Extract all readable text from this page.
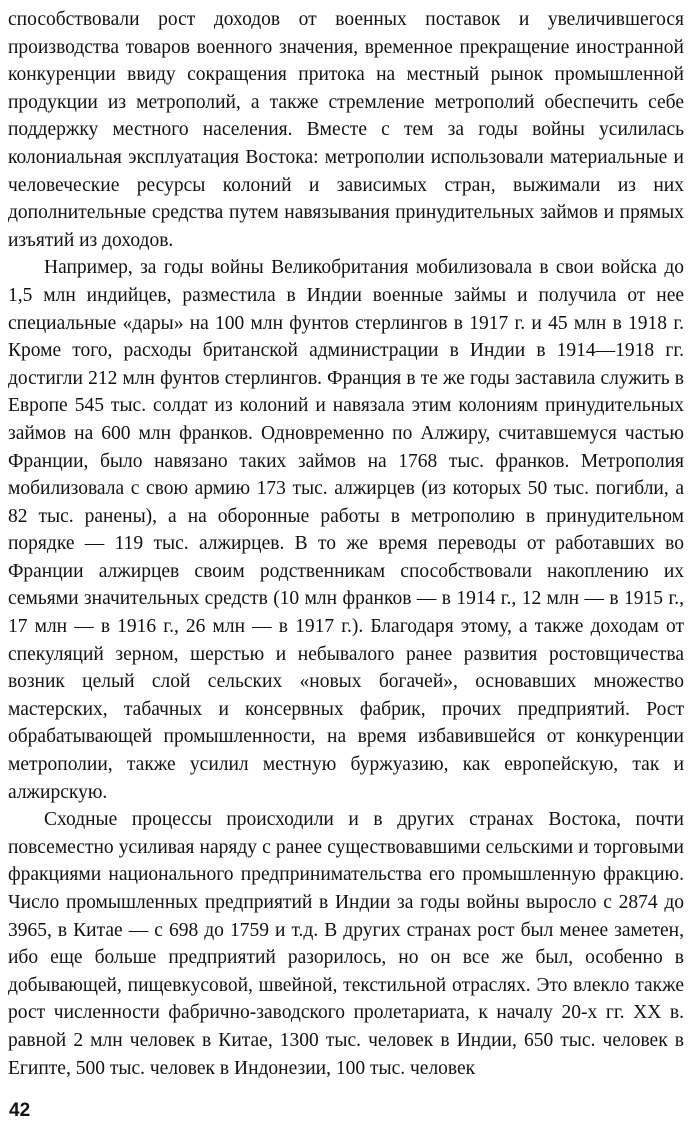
способствовали рост доходов от военных поставок и увеличившегося производства товаров военного значения, временное прекращение иностранной конкуренции ввиду сокращения притока на местный рынок промышленной продукции из метрополий, а также стремление метрополий обеспечить себе поддержку местного населения. Вместе с тем за годы войны усилилась колониальная эксплуатация Востока: метрополии использовали материальные и человеческие ресурсы колоний и зависимых стран, выжимали из них дополнительные средства путем навязывания принудительных займов и прямых изъятий из доходов.

Например, за годы войны Великобритания мобилизовала в свои войска до 1,5 млн индийцев, разместила в Индии военные займы и получила от нее специальные «дары» на 100 млн фунтов стерлингов в 1917 г. и 45 млн в 1918 г. Кроме того, расходы британской администрации в Индии в 1914—1918 гг. достигли 212 млн фунтов стерлингов. Франция в те же годы заставила служить в Европе 545 тыс. солдат из колоний и навязала этим колониям принудительных займов на 600 млн франков. Одновременно по Алжиру, считавшемуся частью Франции, было навязано таких займов на 1768 тыс. франков. Метрополия мобилизовала с свою армию 173 тыс. алжирцев (из которых 50 тыс. погибли, а 82 тыс. ранены), а на оборонные работы в метрополию в принудительном порядке — 119 тыс. алжирцев. В то же время переводы от работавших во Франции алжирцев своим родственникам способствовали накоплению их семьями значительных средств (10 млн франков — в 1914 г., 12 млн — в 1915 г., 17 млн — в 1916 г., 26 млн — в 1917 г.). Благодаря этому, а также доходам от спекуляций зерном, шерстью и небывалого ранее развития ростовщичества возник целый слой сельских «новых богачей», основавших множество мастерских, табачных и консервных фабрик, прочих предприятий. Рост обрабатывающей промышленности, на время избавившейся от конкуренции метрополии, также усилил местную буржуазию, как европейскую, так и алжирскую.

Сходные процессы происходили и в других странах Востока, почти повсеместно усиливая наряду с ранее существовавшими сельскими и торговыми фракциями национального предпринимательства его промышленную фракцию. Число промышленных предприятий в Индии за годы войны выросло с 2874 до 3965, в Китае — с 698 до 1759 и т.д. В других странах рост был менее заметен, ибо еще больше предприятий разорилось, но он все же был, особенно в добывающей, пищевкусовой, швейной, текстильной отраслях. Это влекло также рост численности фабрично-заводского пролетариата, к началу 20-х гг. XX в. равной 2 млн человек в Китае, 1300 тыс. человек в Индии, 650 тыс. человек в Египте, 500 тыс. человек в Индонезии, 100 тыс. человек

42
